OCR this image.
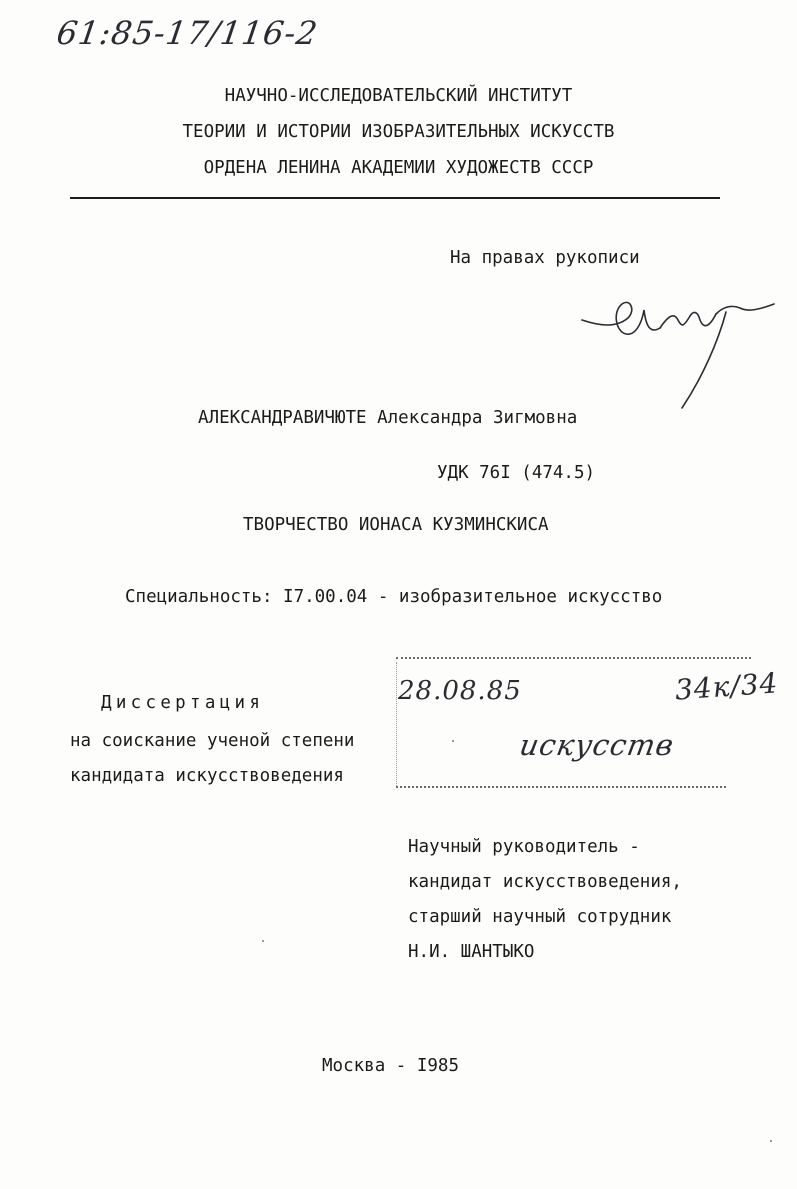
61:85-17/116-2
НАУЧНО-ИССЛЕДОВАТЕЛЬСКИЙ ИНСТИТУТ
ТЕОРИИ И ИСТОРИИ ИЗОБРАЗИТЕЛЬНЫХ ИСКУССТВ
ОРДЕНА ЛЕНИНА АКАДЕМИИ ХУДОЖЕСТВ СССР
На правах рукописи
АЛЕКСАНДРАВИЧЮТЕ Александра Зигмовна
УДК 76I (474.5)
ТВОРЧЕСТВО ИОНАСА КУЗМИНСКИСА
Специальность: I7.00.04 - изобразительное искусство
28.08.85	34к/34
искусств
Диссертация
на соискание ученой степени
кандидата искусствоведения
Научный руководитель -
кандидат искусствоведения,
старший научный сотрудник
Н.И. ШАНТЫКО
Москва - I985
